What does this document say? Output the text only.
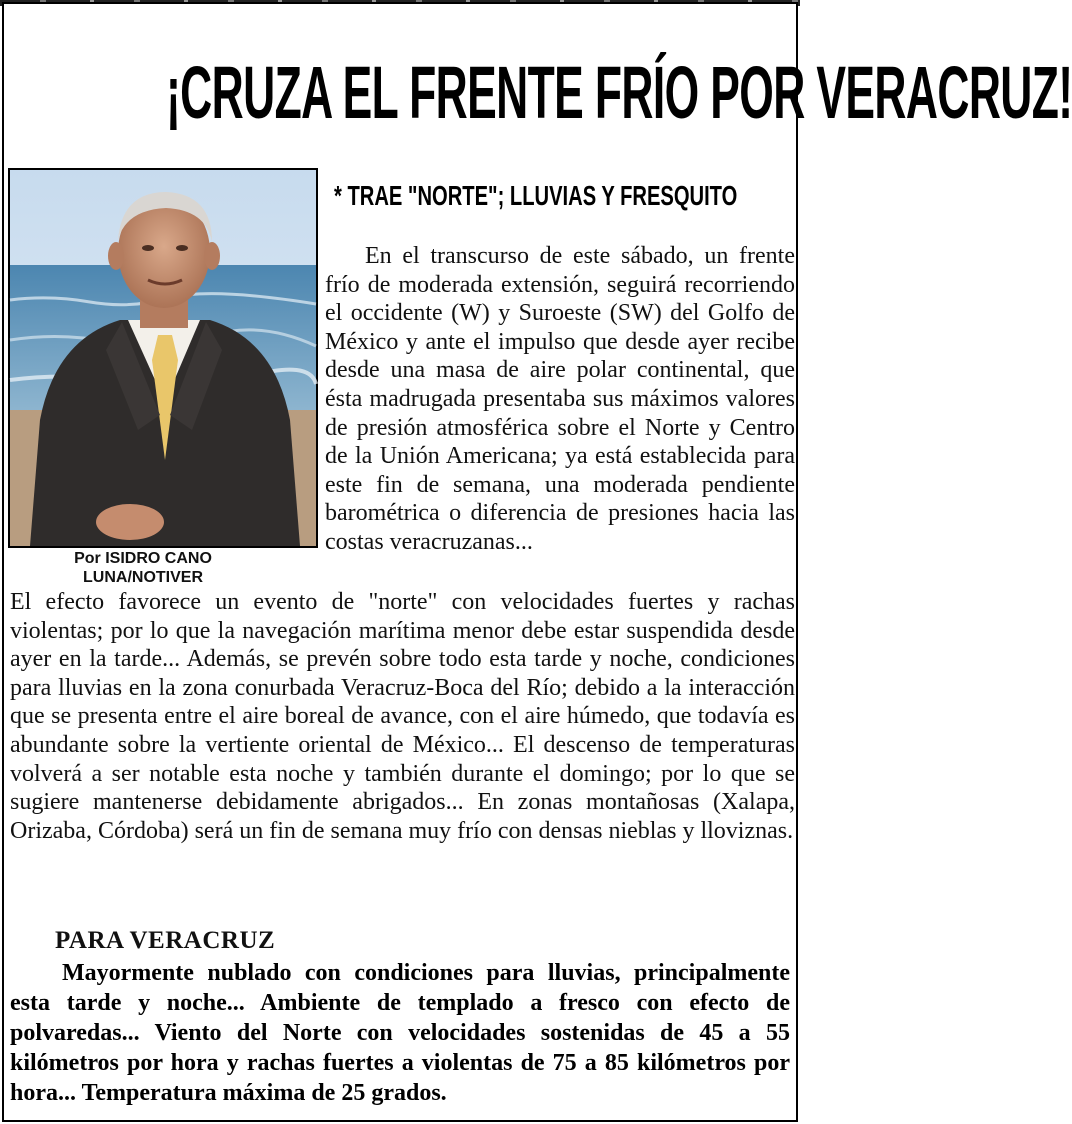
¡CRUZA EL FRENTE FRÍO POR VERACRUZ!
Por ISIDRO CANO
LUNA/NOTIVER
* TRAE "NORTE"; LLUVIAS Y FRESQUITO

En el transcurso de este sábado, un frente frío de moderada extensión, seguirá recorriendo el occidente (W) y Suroeste (SW) del Golfo de México y ante el impulso que desde ayer recibe desde una masa de aire polar continental, que ésta madrugada presentaba sus máximos valores de presión atmosférica sobre el Norte y Centro de la Unión Americana; ya está establecida para este fin de semana, una moderada pendiente barométrica o diferencia de presiones hacia las costas veracruzanas...

El efecto favorece un evento de "norte" con velocidades fuertes y rachas violentas; por lo que la navegación marítima menor debe estar suspendida desde ayer en la tarde... Además, se prevén sobre todo esta tarde y noche, condiciones para lluvias en la zona conurbada Veracruz-Boca del Río; debido a la interacción que se presenta entre el aire boreal de avance, con el aire húmedo, que todavía es abundante sobre la vertiente oriental de México... El descenso de temperaturas volverá a ser notable esta noche y también durante el domingo; por lo que se sugiere mantenerse debidamente abrigados... En zonas montañosas (Xalapa, Orizaba, Córdoba) será un fin de semana muy frío con densas nieblas y lloviznas.

PARA VERACRUZ

Mayormente nublado con condiciones para lluvias, principalmente esta tarde y noche... Ambiente de templado a fresco con efecto de polvaredas... Viento del Norte con velocidades sostenidas de 45 a 55 kilómetros por hora y rachas fuertes a violentas de 75 a 85 kilómetros por hora... Temperatura máxima de 25 grados.
